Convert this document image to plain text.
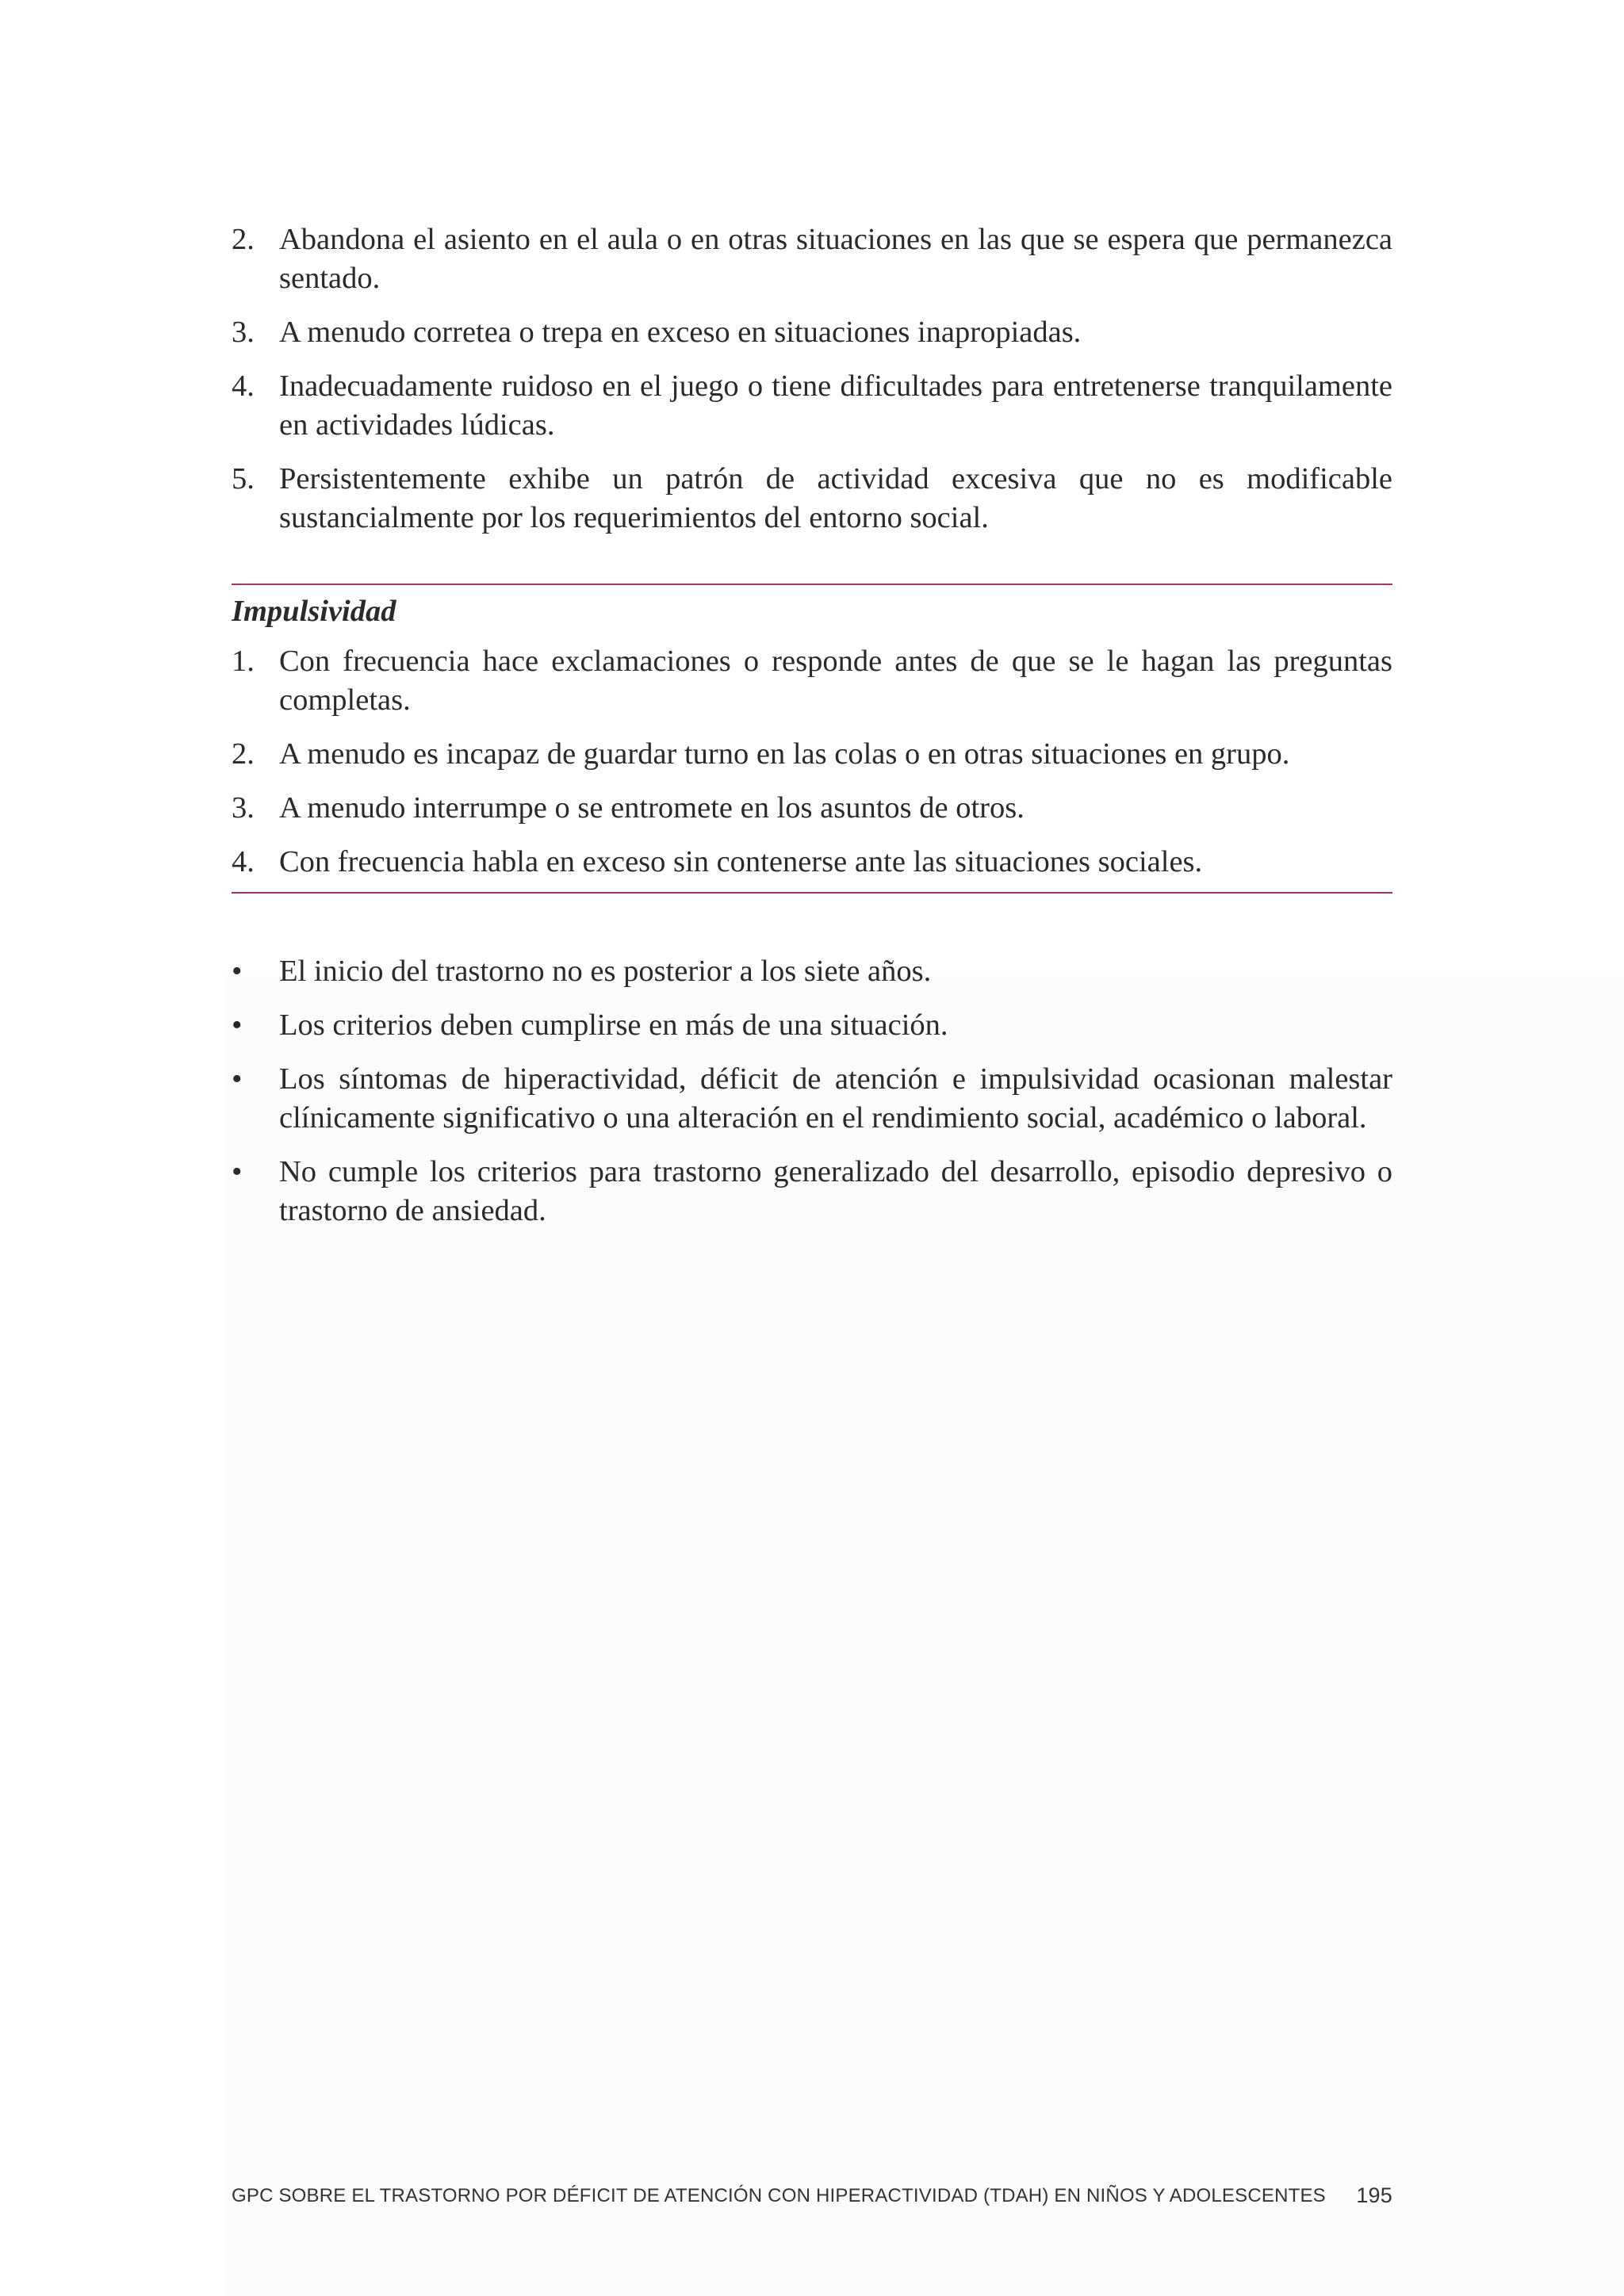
2. Abandona el asiento en el aula o en otras situaciones en las que se espera que permanezca sentado.
3. A menudo corretea o trepa en exceso en situaciones inapropiadas.
4. Inadecuadamente ruidoso en el juego o tiene dificultades para entretenerse tranquilamente en actividades lúdicas.
5. Persistentemente exhibe un patrón de actividad excesiva que no es modificable sustancialmente por los requerimientos del entorno social.
Impulsividad
1. Con frecuencia hace exclamaciones o responde antes de que se le hagan las preguntas completas.
2. A menudo es incapaz de guardar turno en las colas o en otras situaciones en grupo.
3. A menudo interrumpe o se entromete en los asuntos de otros.
4. Con frecuencia habla en exceso sin contenerse ante las situaciones sociales.
•	El inicio del trastorno no es posterior a los siete años.
•	Los criterios deben cumplirse en más de una situación.
•	Los síntomas de hiperactividad, déficit de atención e impulsividad ocasionan malestar clínicamente significativo o una alteración en el rendimiento social, académico o laboral.
•	No cumple los criterios para trastorno generalizado del desarrollo, episodio depresivo o trastorno de ansiedad.
GPC SOBRE EL TRASTORNO POR DÉFICIT DE ATENCIÓN CON HIPERACTIVIDAD (TDAH) EN NIÑOS Y ADOLESCENTES 195
